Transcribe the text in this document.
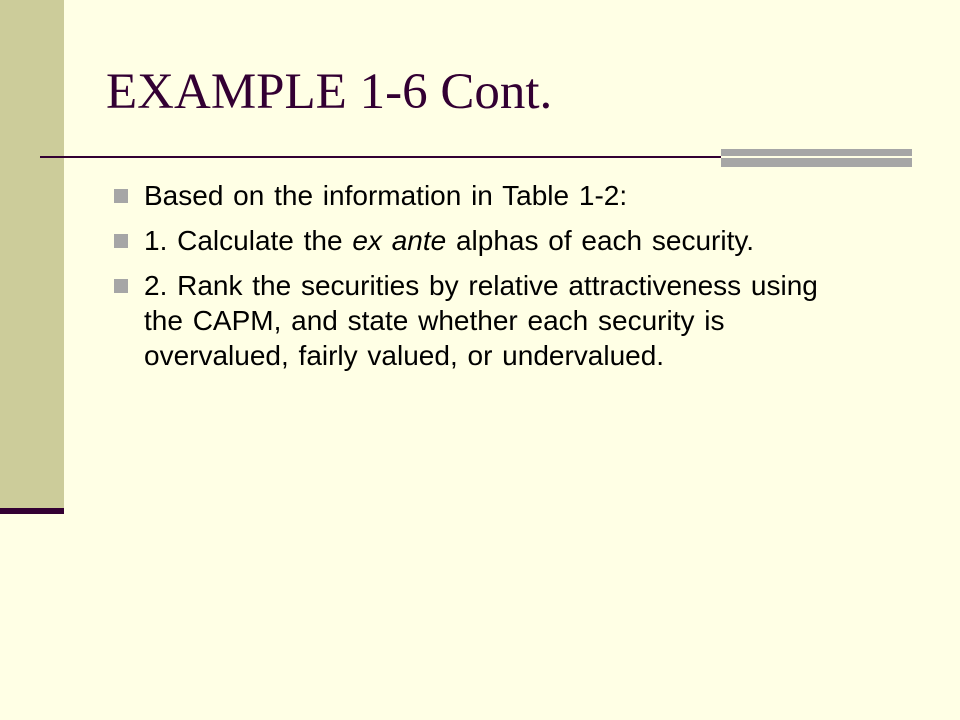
EXAMPLE 1-6 Cont.
Based on the information in Table 1-2:
1. Calculate the ex ante alphas of each security.
2. Rank the securities by relative attractiveness using the CAPM, and state whether each security is overvalued, fairly valued, or undervalued.
